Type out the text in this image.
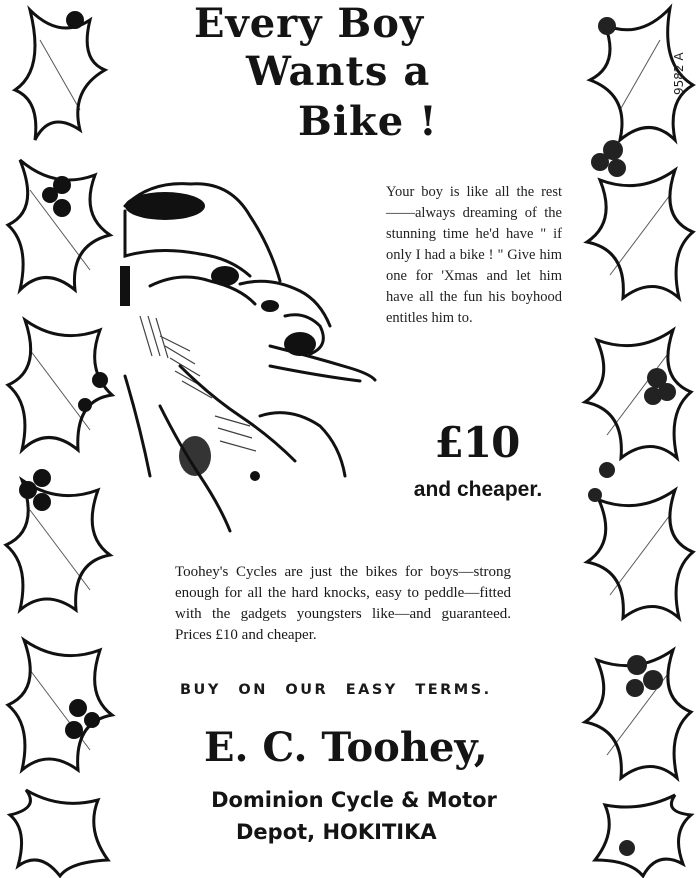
Every Boy
Wants a
Bike !
9582 A

Your boy is like all the rest——always dreaming of the stunning time he'd have " if only I had a bike ! " Give him one for 'Xmas and let him have all the fun his boyhood entitles him to.

£10

and cheaper.

Toohey's Cycles are just the bikes for boys—strong enough for all the hard knocks, easy to peddle—fitted with the gadgets youngsters like—and guaranteed. Prices £10 and cheaper.

BUY ON OUR EASY TERMS.

E. C. Toohey,

Dominion Cycle & Motor

Depot, HOKITIKA
